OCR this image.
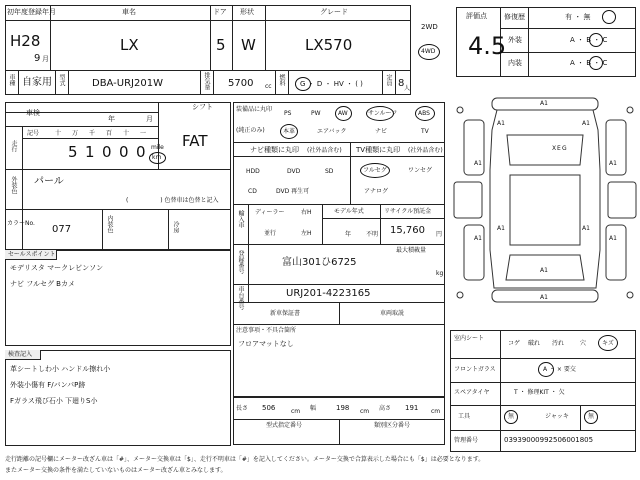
初年度登録年月
H28
9 月
車名
LX
ドア
5
形状
W
グレード
LX570
2WD
4WD
車種 自家用 型式	DBA-URJ201W	排気量 5700 cc
燃料 G ・ D ・ HV ・ ( )	定員 8 人
評価点
4.5
修復歴	有 ・ 無
外装	A ・ B ・ C
内装	A ・ B ・ C
車検
年	月
シフト
FAT
走行
記号	十 万 千 百 十 一
5 1 0 0 0 mile
km
外装色 パール
( 　　　　　) 色替車は色替と記入
カラーNo.
077	内装色	冷房
セールスポイント
モデリスタ マークレビンソン
ナビ フルセグ Bカメ
検査記入
革シートしわ小 ハンドル擦れ小
外装小傷有 F/バンパP跡
Fガラス飛び石小 下廻りS小
装備品に丸印
(純正のみ)
PS	PW	AW	サンルーフ	ABS
本革	エアバック	ナビ	TV
ナビ種類に丸印 (社外品含む)
HDD	DVD	SD
CD	DVD 再生可
TV種類に丸印 (社外品含む)
フルセグ	ワンセグ
アナログ
輸入車 ディーラー
並行
右H
左H
モデル年式
年 不明
リサイクル預託金
15,760 円
登録番号	最大積載量
富山301ひ6725
kg
車台番号	URJ201-4223165
新車保証書	車両取説
注意事項・不具合箇所
フロアマットなし
長さ 506	cm 幅	198 cm 高さ 191 cm
型式指定番号	類別区分番号
A1
A1	A1
A1	A1
A1	A1
A1	A1
A1
A1
X E G
室内シート
コゲ 破れ 汚れ	穴	キズ
フロントガラス	A ・ × 要交
スペアタイヤ	T ・ 修理KIT ・ 欠
工具	無	ジャッキ	無
管理番号	03939000992506001805
走行距離の記号欄にメーター改ざん車は「#」、メーター交換車は「$」、走行不明車は「#」を記入してください。メーター交換で合算表示した場合にも「$」は必要となります。
またメーター交換の条件を満たしていないものはメーター改ざん車とみなします。
